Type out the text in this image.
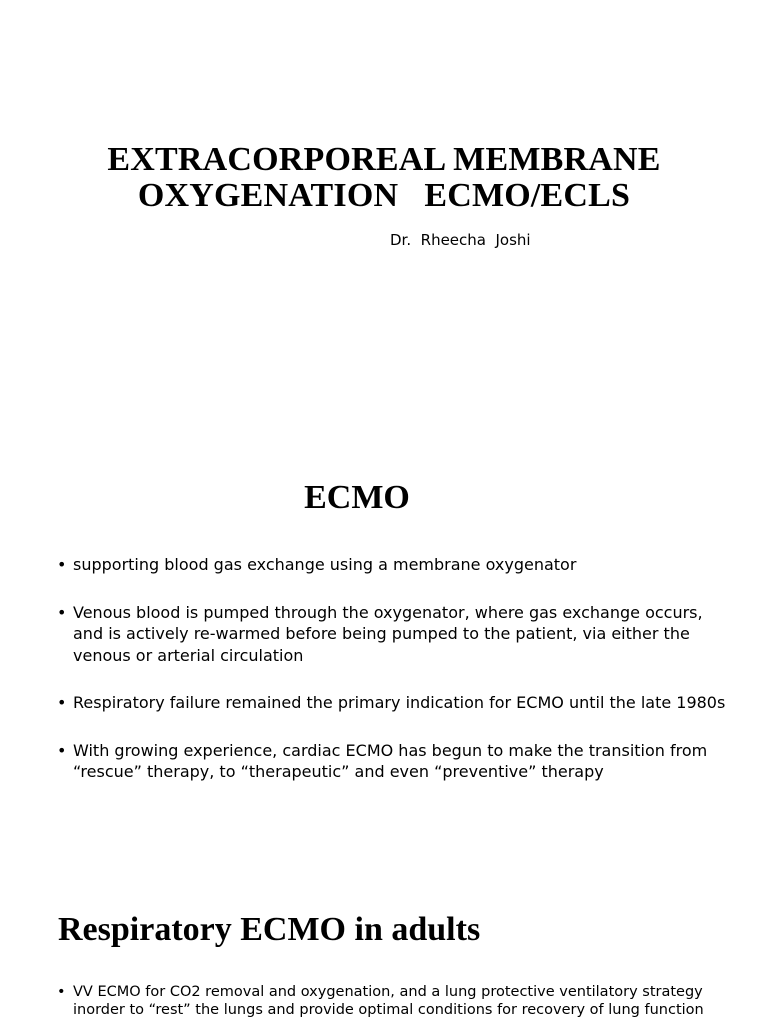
EXTRACORPOREAL MEMBRANE
OXYGENATION   ECMO/ECLS
Dr.  Rheecha  Joshi
ECMO
• supporting blood gas exchange using a membrane oxygenator
• Venous blood is pumped through the oxygenator, where gas exchange occurs, and is actively re-warmed before being pumped to the patient, via either the venous or arterial circulation
• Respiratory failure remained the primary indication for ECMO until the late 1980s
• With growing experience, cardiac ECMO has begun to make the transition from “rescue” therapy, to “therapeutic” and even “preventive” therapy
Respiratory ECMO in adults
• VV ECMO for CO2 removal and oxygenation, and a lung protective ventilatory strategy inorder to “rest” the lungs and provide optimal conditions for recovery of lung function
